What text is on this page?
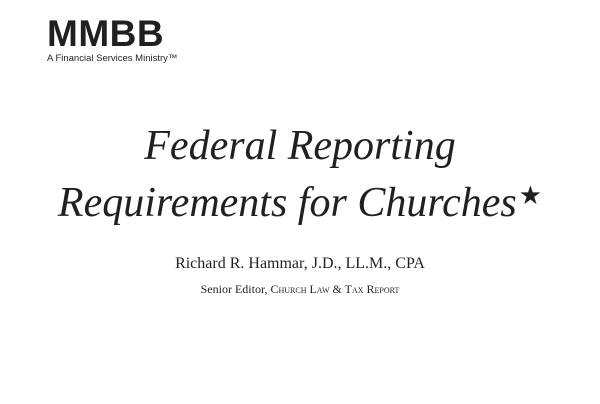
MMBB
A Financial Services Ministry™
Federal Reporting
Requirements for Churches★
Richard R. Hammar, J.D., LL.M., CPA
Senior Editor, Church Law & Tax Report
